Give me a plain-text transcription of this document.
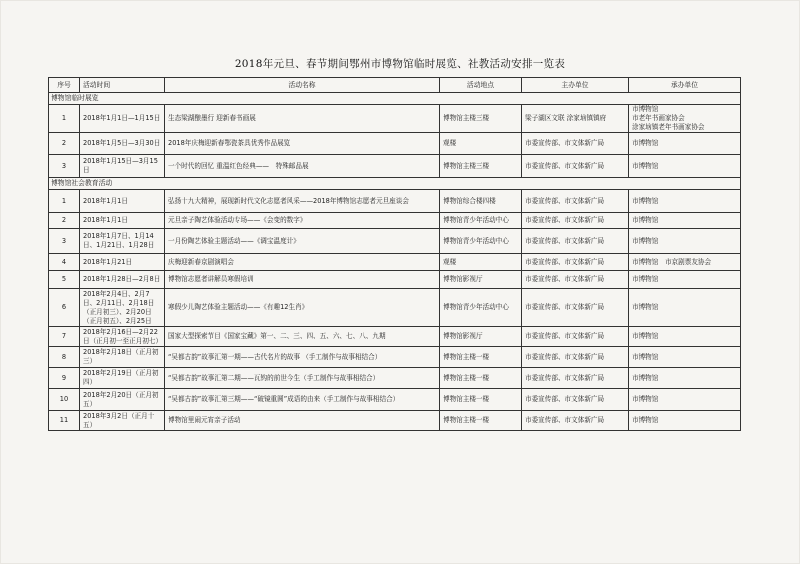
2018年元旦、春节期间鄂州市博物馆临时展览、社教活动安排一览表
序号	活动时间	活动名称	活动地点	主办单位	承办单位
博物馆临时展览					
1	2018年1月1日—1月15日	生态梁湖酿墨行 迎新春书画展	博物馆主楼三楼	梁子湖区文联 涂家垴镇镇府	市博物馆
市老年书画家协会
涂家垴镇老年书画家协会

2	2018年1月5日—3月30日	2018年庆梅迎新春鄂瓷茶具优秀作品展览	观楼	市委宣传部、市文体新广局	市博物馆

3	2018年1月15日—3月15日	一个时代的回忆 重温红色经典——　特殊邮品展	博物馆主楼三楼	市委宣传部、市文体新广局	市博物馆

博物馆社会教育活动					
1	2018年1月1日	弘扬十九大精神，展现新时代文化志愿者风采——2018年博物馆志愿者元旦座谈会	博物馆综合楼四楼	市委宣传部、市文体新广局	市博物馆

2	2018年1月1日	元旦亲子陶艺体验活动专场——《会变的数字》	博物馆青少年活动中心	市委宣传部、市文体新广局	市博物馆

3	2018年1月7日、1月14日、1月21日、1月28日	一月份陶艺体验主题活动——《调宝温度计》	博物馆青少年活动中心	市委宣传部、市文体新广局	市博物馆

4	2018年1月21日	庆梅迎新春京剧演唱会	观楼	市委宣传部、市文体新广局	市博物馆　市京剧票友协会

5	2018年1月28日—2月8日	博物馆志愿者讲解员寒假培训	博物馆影视厅	市委宣传部、市文体新广局	市博物馆

6	2018年2月4日、2月7日、2月11日、2月18日（正月初三）、2月20日（正月初五）、2月25日	寒假少儿陶艺体验主题活动——《有趣12生肖》	博物馆青少年活动中心	市委宣传部、市文体新广局	市博物馆

7	2018年2月16日—2月22日（正月初一至正月初七）	国家大型探索节目《国家宝藏》第一、二、三、四、五、六、七、八、九期	博物馆影视厅	市委宣传部、市文体新广局	市博物馆

8	2018年2月18日（正月初三）	“吴都古韵”故事汇第一期——古代名片的故事 （手工制作与故事相结合）	博物馆主楼一楼	市委宣传部、市文体新广局	市博物馆

9	2018年2月19日（正月初四）	“吴都古韵”故事汇第二期——瓦钩的前世今生（手工制作与故事相结合）	博物馆主楼一楼	市委宣传部、市文体新广局	市博物馆

10	2018年2月20日（正月初五）	“吴都古韵”故事汇第三期——“破镜重圆”成语的由来（手工制作与故事相结合）	博物馆主楼一楼	市委宣传部、市文体新广局	市博物馆

11	2018年3月2日（正月十五）	博物馆里闹元宵亲子活动	博物馆主楼一楼	市委宣传部、市文体新广局	市博物馆
